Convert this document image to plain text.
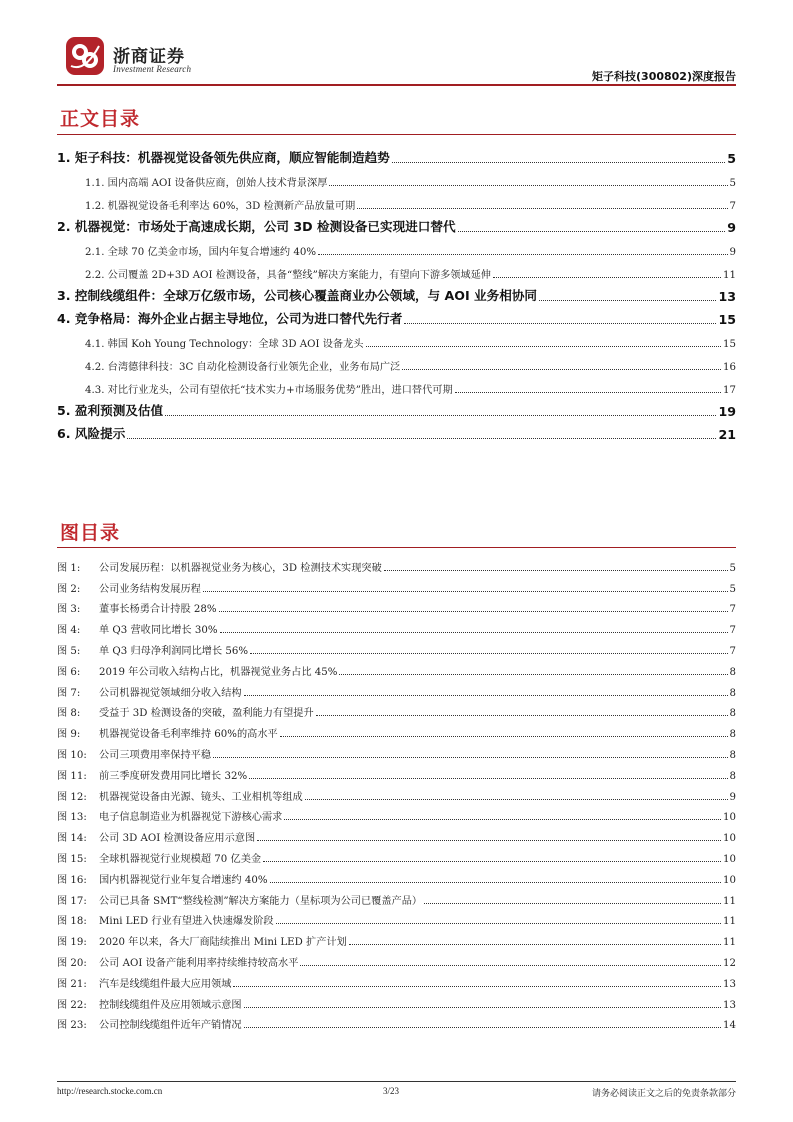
浙商证券
Investment Research
矩子科技(300802)深度报告
正文目录
1. 矩子科技：机器视觉设备领先供应商，顺应智能制造趋势	5
1.1. 国内高端 AOI 设备供应商，创始人技术背景深厚	5
1.2. 机器视觉设备毛利率达 60%，3D 检测新产品放量可期	7
2. 机器视觉：市场处于高速成长期，公司 3D 检测设备已实现进口替代	9
2.1. 全球 70 亿美金市场，国内年复合增速约 40%	9
2.2. 公司覆盖 2D+3D AOI 检测设备，具备“整线”解决方案能力，有望向下游多领域延伸	11
3. 控制线缆组件：全球万亿级市场，公司核心覆盖商业办公领域，与 AOI 业务相协同	13
4. 竞争格局：海外企业占据主导地位，公司为进口替代先行者	15
4.1. 韩国 Koh Young Technology：全球 3D AOI 设备龙头	15
4.2. 台湾德律科技：3C 自动化检测设备行业领先企业，业务布局广泛	16
4.3. 对比行业龙头，公司有望依托“技术实力+市场服务优势”胜出，进口替代可期	17
5. 盈利预测及估值	19
6. 风险提示	21
图目录
图 1: 公司发展历程：以机器视觉业务为核心，3D 检测技术实现突破	5
图 2: 公司业务结构发展历程	5
图 3: 董事长杨勇合计持股 28%	7
图 4: 单 Q3 营收同比增长 30%	7
图 5: 单 Q3 归母净利润同比增长 56%	7
图 6: 2019 年公司收入结构占比，机器视觉业务占比 45%	8
图 7: 公司机器视觉领域细分收入结构	8
图 8: 受益于 3D 检测设备的突破，盈利能力有望提升	8
图 9: 机器视觉设备毛利率维持 60%的高水平	8
图 10: 公司三项费用率保持平稳	8
图 11: 前三季度研发费用同比增长 32%	8
图 12: 机器视觉设备由光源、镜头、工业相机等组成	9
图 13: 电子信息制造业为机器视觉下游核心需求	10
图 14: 公司 3D AOI 检测设备应用示意图	10
图 15: 全球机器视觉行业规模超 70 亿美金	10
图 16: 国内机器视觉行业年复合增速约 40%	10
图 17: 公司已具备 SMT“整线检测”解决方案能力（星标项为公司已覆盖产品）	11
图 18: Mini LED 行业有望进入快速爆发阶段	11
图 19: 2020 年以来，各大厂商陆续推出 Mini LED 扩产计划	11
图 20: 公司 AOI 设备产能利用率持续维持较高水平	12
图 21: 汽车是线缆组件最大应用领域	13
图 22: 控制线缆组件及应用领域示意图	13
图 23: 公司控制线缆组件近年产销情况	14
http://research.stocke.com.cn	3/23	请务必阅读正文之后的免责条款部分
